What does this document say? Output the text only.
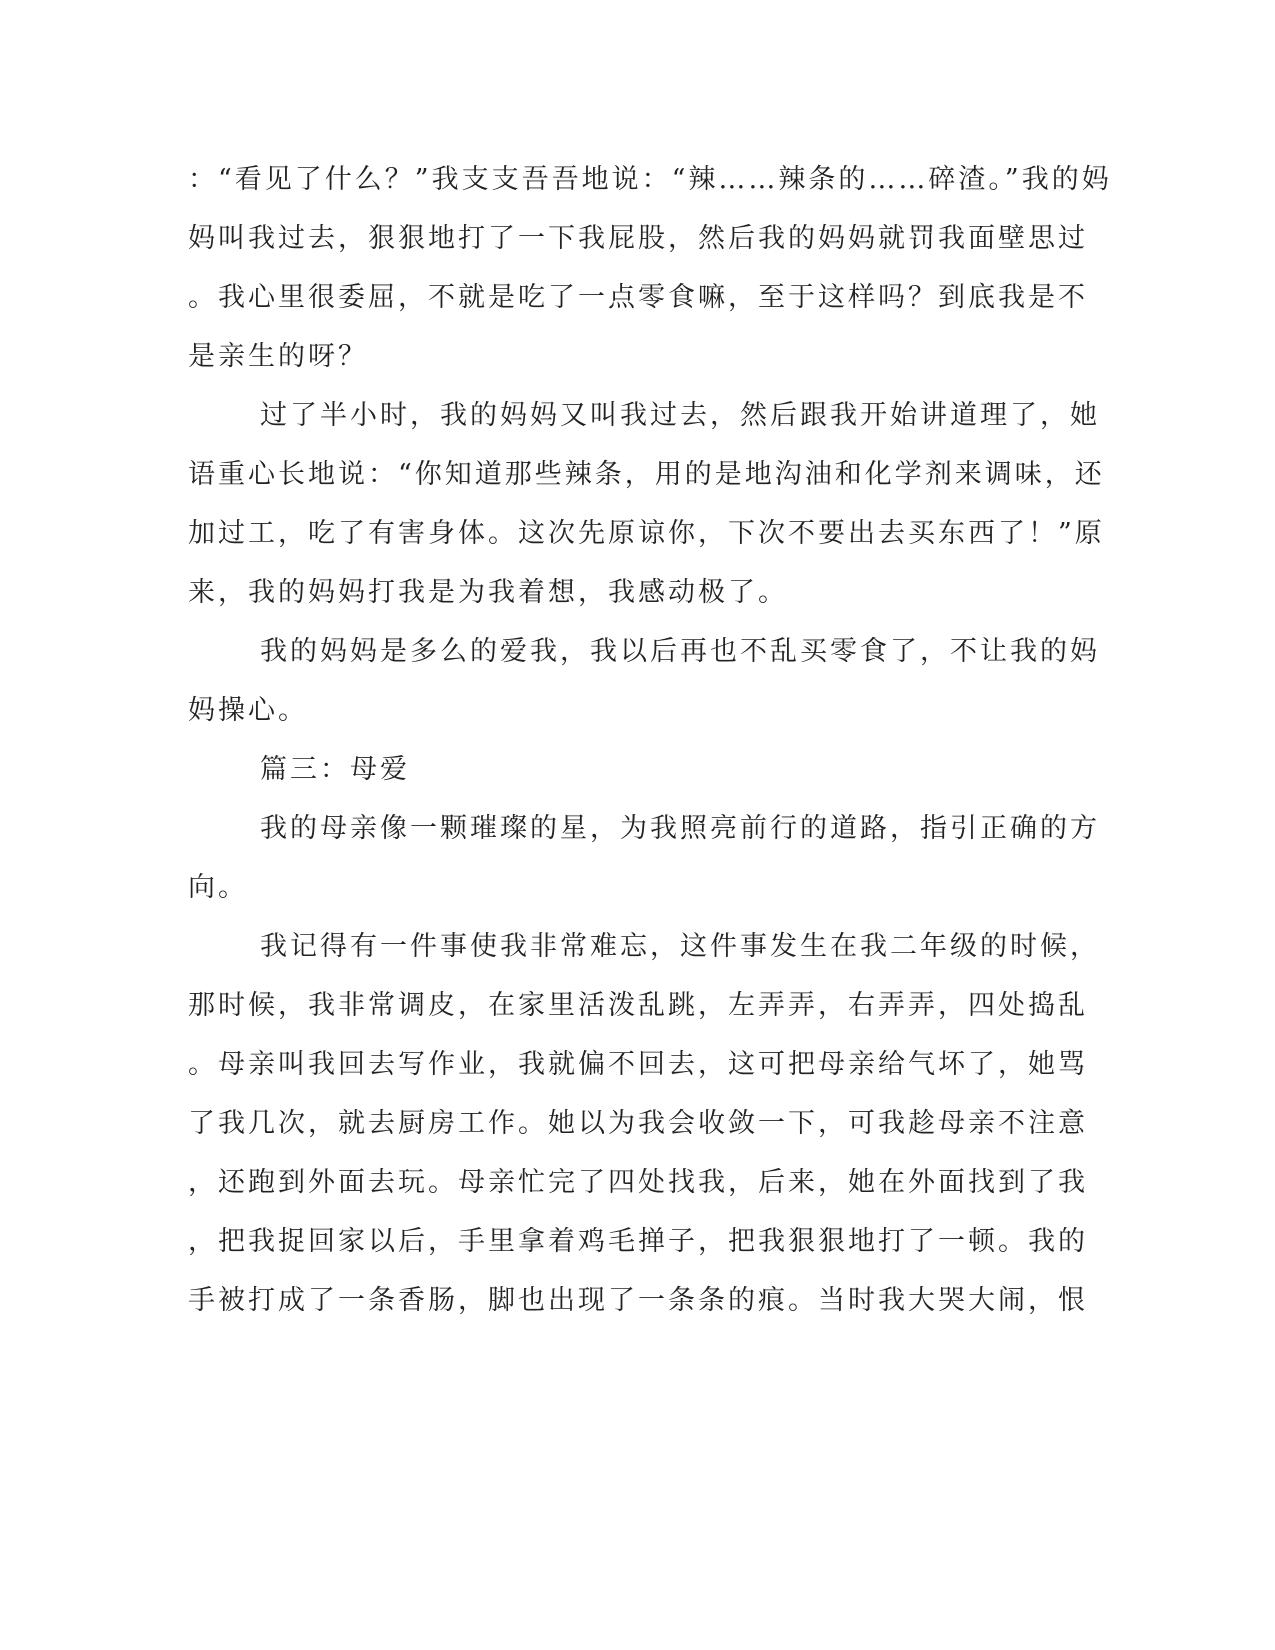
：“看见了什么？”我支支吾吾地说：“辣……辣条的……碎渣。”我的妈
妈叫我过去，狠狠地打了一下我屁股，然后我的妈妈就罚我面壁思过
。我心里很委屈，不就是吃了一点零食嘛，至于这样吗？到底我是不
是亲生的呀？
过了半小时，我的妈妈又叫我过去，然后跟我开始讲道理了，她
语重心长地说：“你知道那些辣条，用的是地沟油和化学剂来调味，还
加过工，吃了有害身体。这次先原谅你，下次不要出去买东西了！”原
来，我的妈妈打我是为我着想，我感动极了。
我的妈妈是多么的爱我，我以后再也不乱买零食了，不让我的妈
妈操心。
篇三：母爱
我的母亲像一颗璀璨的星，为我照亮前行的道路，指引正确的方
向。
我记得有一件事使我非常难忘，这件事发生在我二年级的时候，
那时候，我非常调皮，在家里活泼乱跳，左弄弄，右弄弄，四处捣乱
。母亲叫我回去写作业，我就偏不回去，这可把母亲给气坏了，她骂
了我几次，就去厨房工作。她以为我会收敛一下，可我趁母亲不注意
，还跑到外面去玩。母亲忙完了四处找我，后来，她在外面找到了我
，把我捉回家以后，手里拿着鸡毛掸子，把我狠狠地打了一顿。我的
手被打成了一条香肠，脚也出现了一条条的痕。当时我大哭大闹，恨
